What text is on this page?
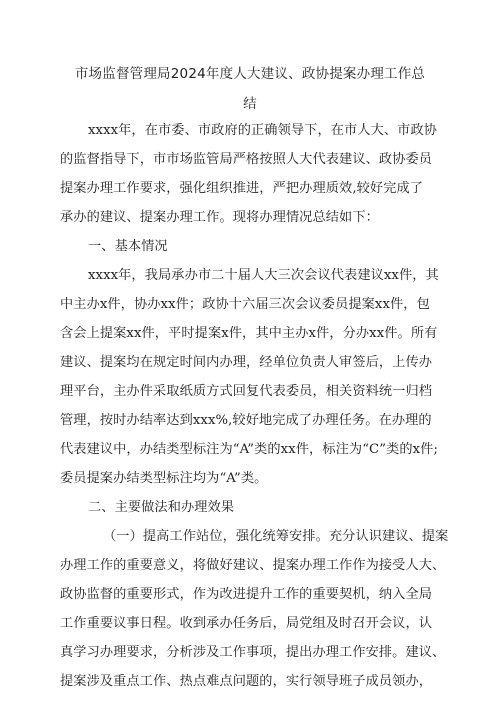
市场监督管理局2024年度人大建议、政协提案办理工作总
结
xxxx年，在市委、市政府的正确领导下，在市人大、市政协
的监督指导下，市市场监管局严格按照人大代表建议、政协委员
提案办理工作要求，强化组织推进，严把办理质效,较好完成了
承办的建议、提案办理工作。现将办理情况总结如下：
一、基本情况
xxxx年，我局承办市二十届人大三次会议代表建议xx件，其
中主办x件，协办xx件；政协十六届三次会议委员提案xx件，包
含会上提案xx件，平时提案x件，其中主办x件，分办xx件。所有
建议、提案均在规定时间内办理，经单位负责人审签后，上传办
理平台，主办件采取纸质方式回复代表委员，相关资料统一归档
管理，按时办结率达到xxx%,较好地完成了办理任务。在办理的
代表建议中，办结类型标注为“A”类的xx件，标注为“C”类的x件;
委员提案办结类型标注均为“A”类。
二、主要做法和办理效果
（一）提高工作站位，强化统筹安排。充分认识建议、提案
办理工作的重要意义，将做好建议、提案办理工作作为接受人大、
政协监督的重要形式，作为改进提升工作的重要契机，纳入全局
工作重要议事日程。收到承办任务后，局党组及时召开会议，认
真学习办理要求，分析涉及工作事项，提出办理工作安排。建议、
提案涉及重点工作、热点难点问题的，实行领导班子成员领办，
